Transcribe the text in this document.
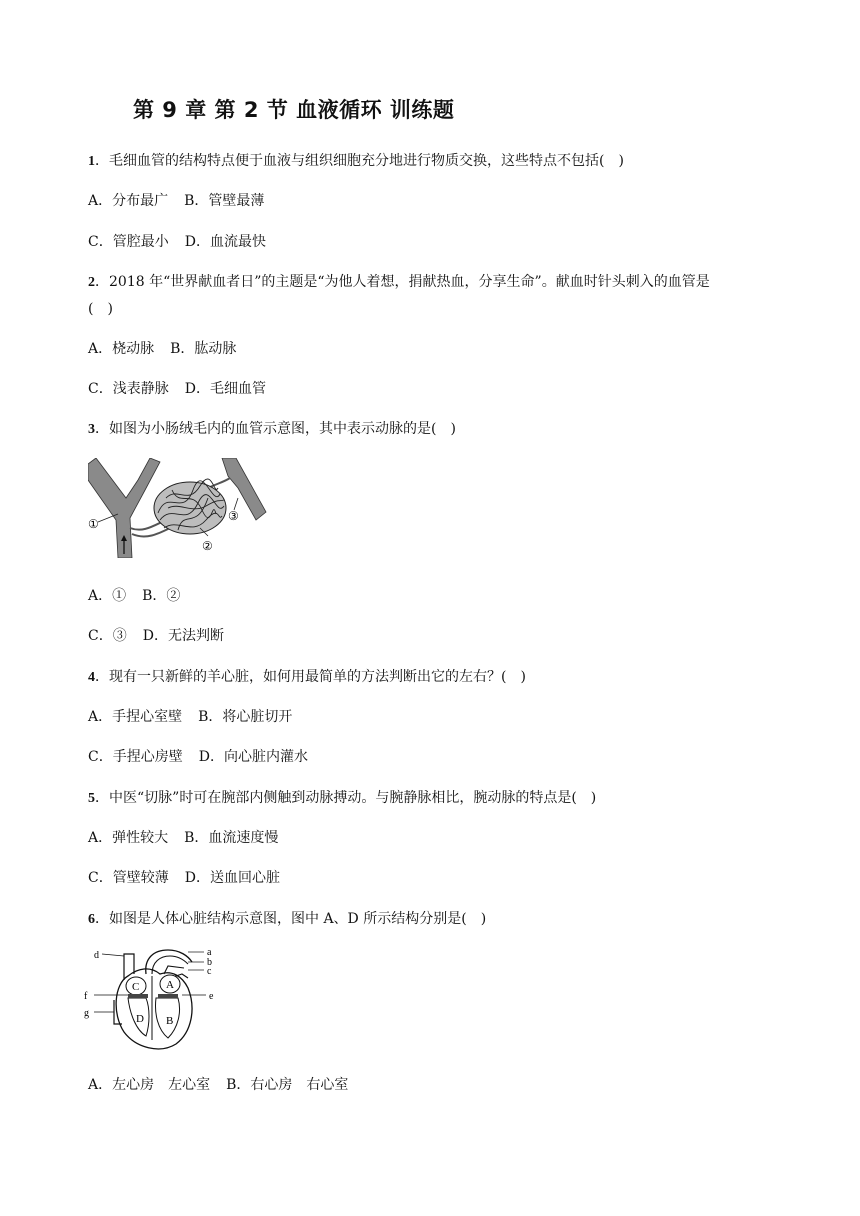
第 9 章 第 2 节 血液循环 训练题
1．毛细血管的结构特点便于血液与组织细胞充分地进行物质交换，这些特点不包括(　)
A．分布最广 B．管壁最薄
C．管腔最小 D．血流最快
2．2018 年“世界献血者日”的主题是“为他人着想，捐献热血，分享生命”。献血时针头刺入的血管是
(　)
A．桡动脉 B．肱动脉
C．浅表静脉 D．毛细血管
3．如图为小肠绒毛内的血管示意图，其中表示动脉的是(　)
①
②
③
A．① B．②
C．③ D．无法判断
4．现有一只新鲜的羊心脏，如何用最简单的方法判断出它的左右？(　)
A．手捏心室壁 B．将心脏切开
C．手捏心房壁 D．向心脏内灌水
5．中医“切脉”时可在腕部内侧触到动脉搏动。与腕静脉相比，腕动脉的特点是(　)
A．弹性较大 B．血流速度慢
C．管壁较薄 D．送血回心脏
6．如图是人体心脏结构示意图，图中 A、D 所示结构分别是(　)
d	a
b
c
e
f
g
A
B
C
D
A．左心房　左心室 B．右心房　右心室
